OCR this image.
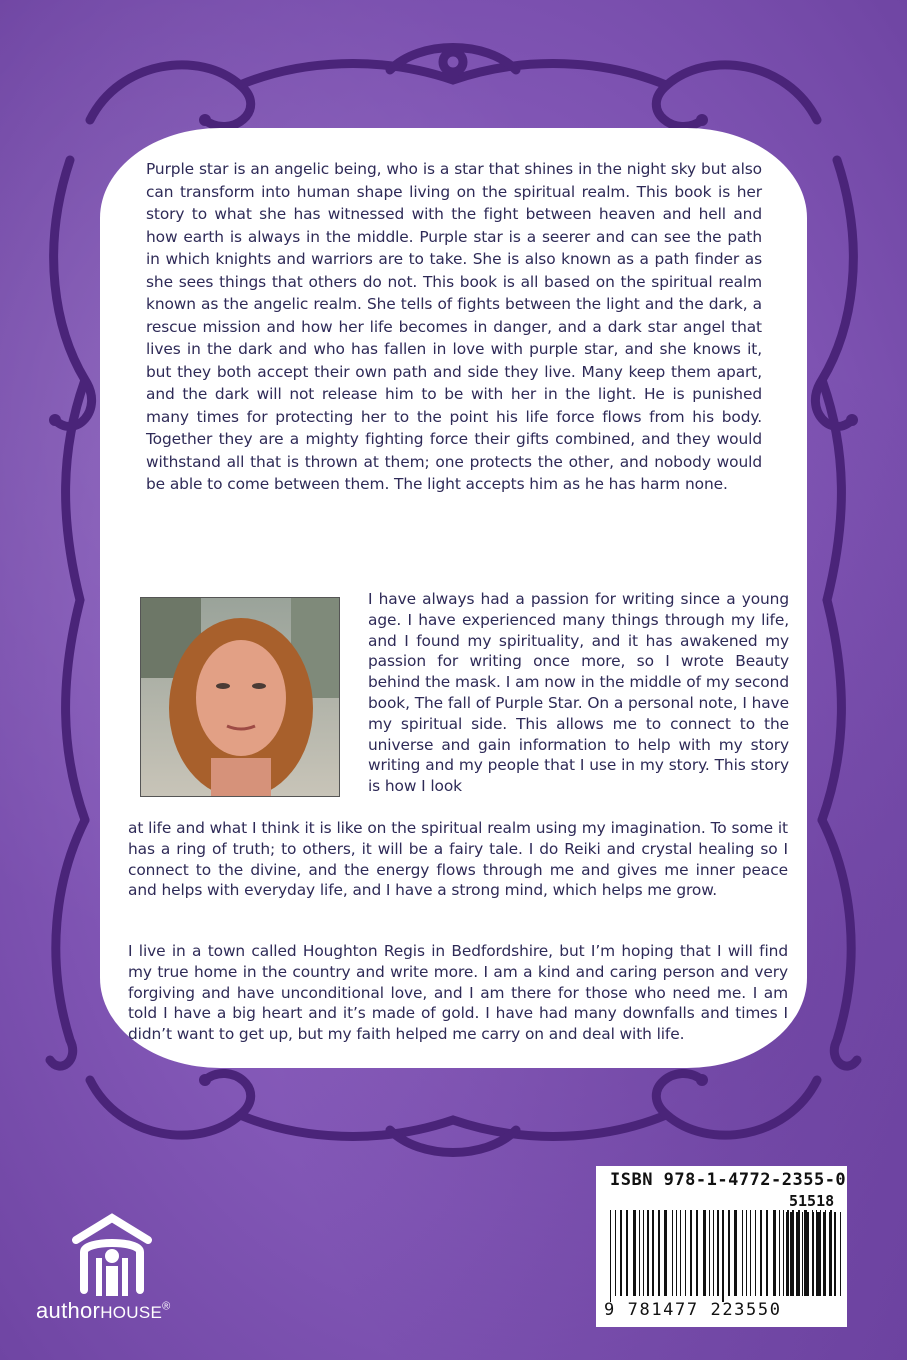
Purple star is an angelic being, who is a star that shines in the night sky but also can transform into human shape living on the spiritual realm. This book is her story to what she has witnessed with the fight between heaven and hell and how earth is always in the middle. Purple star is a seerer and can see the path in which knights and warriors are to take. She is also known as a path finder as she sees things that others do not. This book is all based on the spiritual realm known as the angelic realm. She tells of fights between the light and the dark, a rescue mission and how her life becomes in danger, and a dark star angel that lives in the dark and who has fallen in love with purple star, and she knows it, but they both accept their own path and side they live. Many keep them apart, and the dark will not release him to be with her in the light. He is punished many times for protecting her to the point his life force flows from his body. Together they are a mighty fighting force their gifts combined, and they would withstand all that is thrown at them; one protects the other, and nobody would be able to come between them. The light accepts him as he has harm none.

I have always had a passion for writing since a young age. I have experienced many things through my life, and I found my spirituality, and it has awakened my passion for writing once more, so I wrote Beauty behind the mask. I am now in the middle of my second book, The fall of Purple Star. On a personal note, I have my spiritual side. This allows me to connect to the universe and gain information to help with my story writing and my people that I use in my story. This story is how I look

at life and what I think it is like on the spiritual realm using my imagination. To some it has a ring of truth; to others, it will be a fairy tale. I do Reiki and crystal healing so I connect to the divine, and the energy flows through me and gives me inner peace and helps with everyday life, and I have a strong mind, which helps me grow.

I live in a town called Houghton Regis in Bedfordshire, but I’m hoping that I will find my true home in the country and write more. I am a kind and caring person and very forgiving and have unconditional love, and I am there for those who need me. I am told I have a big heart and it’s made of gold. I have had many downfalls and times I didn’t want to get up, but my faith helped me carry on and deal with life.

ISBN 978-1-4772-2355-0
51518
9 781477 223550
authorHOUSE®
